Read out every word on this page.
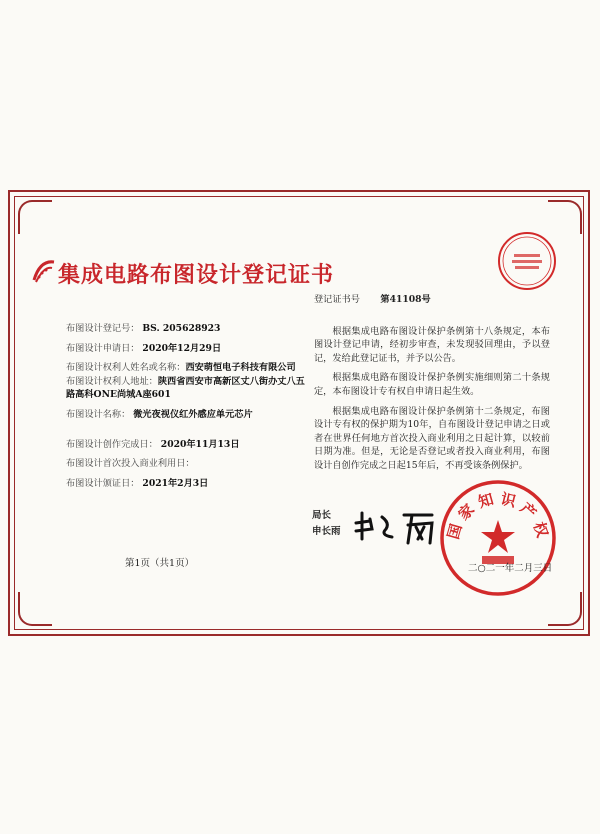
集成电路布图设计登记证书
布图设计登记号： BS. 205628923
布图设计申请日： 2020年12月29日
布图设计权利人姓名或名称：西安萌恒电子科技有限公司
布图设计权利人地址：陕西省西安市高新区丈八街办丈八五路高科ONE尚城A座601
布图设计名称： 微光夜视仪红外感应单元芯片
布图设计创作完成日： 2020年11月13日
布图设计首次投入商业利用日：
布图设计颁证日： 2021年2月3日
登记证书号 第41108号

根据集成电路布图设计保护条例第十八条规定，本布图设计登记申请，经初步审查，未发现驳回理由，予以登记，发给此登记证书，并予以公告。

根据集成电路布图设计保护条例实施细则第二十条规定，本布图设计专有权自申请日起生效。

根据集成电路布图设计保护条例第十二条规定，布图设计专有权的保护期为10年，自布图设计登记申请之日或者在世界任何地方首次投入商业利用之日起计算，以较前日期为准。但是，无论是否登记或者投入商业利用，布图设计自创作完成之日起15年后，不再受该条例保护。

局长
申长雨	国 家 知 识 产 权
二○二一年二月三日
第1页（共1页）
